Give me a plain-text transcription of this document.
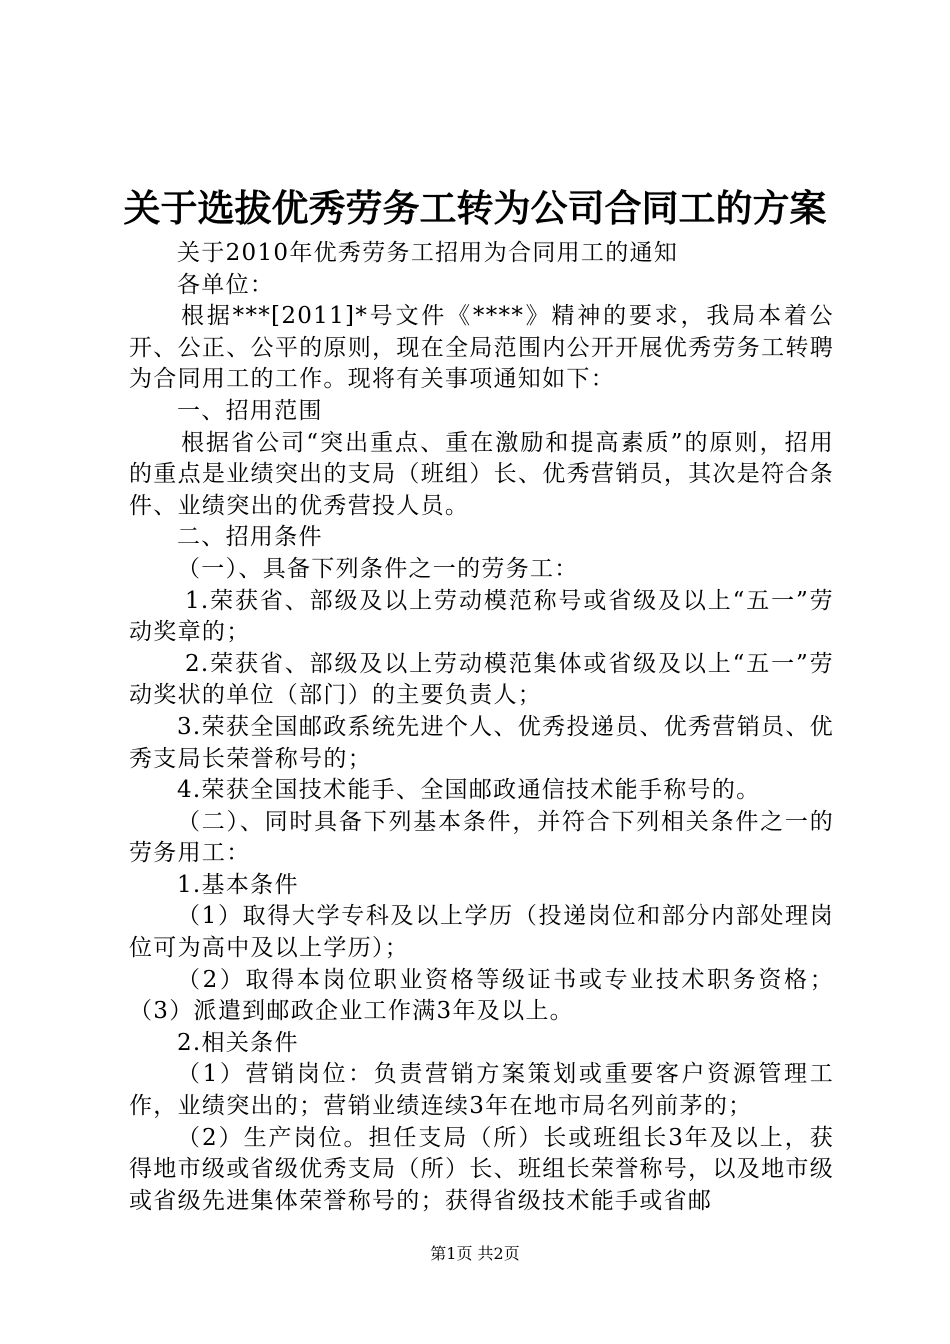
关于选拔优秀劳务工转为公司合同工的方案

关于2010年优秀劳务工招用为合同用工的通知

各单位：

根据***[2011]*号文件《****》精神的要求，我局本着公开、公正、公平的原则，现在全局范围内公开开展优秀劳务工转聘为合同用工的工作。现将有关事项通知如下：

一、招用范围

根据省公司“突出重点、重在激励和提高素质”的原则，招用的重点是业绩突出的支局（班组）长、优秀营销员，其次是符合条件、业绩突出的优秀营投人员。

二、招用条件

（一）、具备下列条件之一的劳务工：

1.荣获省、部级及以上劳动模范称号或省级及以上“五一”劳动奖章的；

2.荣获省、部级及以上劳动模范集体或省级及以上“五一”劳动奖状的单位（部门）的主要负责人；

3.荣获全国邮政系统先进个人、优秀投递员、优秀营销员、优秀支局长荣誉称号的；

4.荣获全国技术能手、全国邮政通信技术能手称号的。

（二）、同时具备下列基本条件，并符合下列相关条件之一的劳务用工：

1.基本条件

（1）取得大学专科及以上学历（投递岗位和部分内部处理岗位可为高中及以上学历）；

（2）取得本岗位职业资格等级证书或专业技术职务资格；（3）派遣到邮政企业工作满3年及以上。

2.相关条件

（1）营销岗位：负责营销方案策划或重要客户资源管理工作，业绩突出的；营销业绩连续3年在地市局名列前茅的；

（2）生产岗位。担任支局（所）长或班组长3年及以上，获得地市级或省级优秀支局（所）长、班组长荣誉称号，以及地市级或省级先进集体荣誉称号的；获得省级技术能手或省邮

第1页 共2页
